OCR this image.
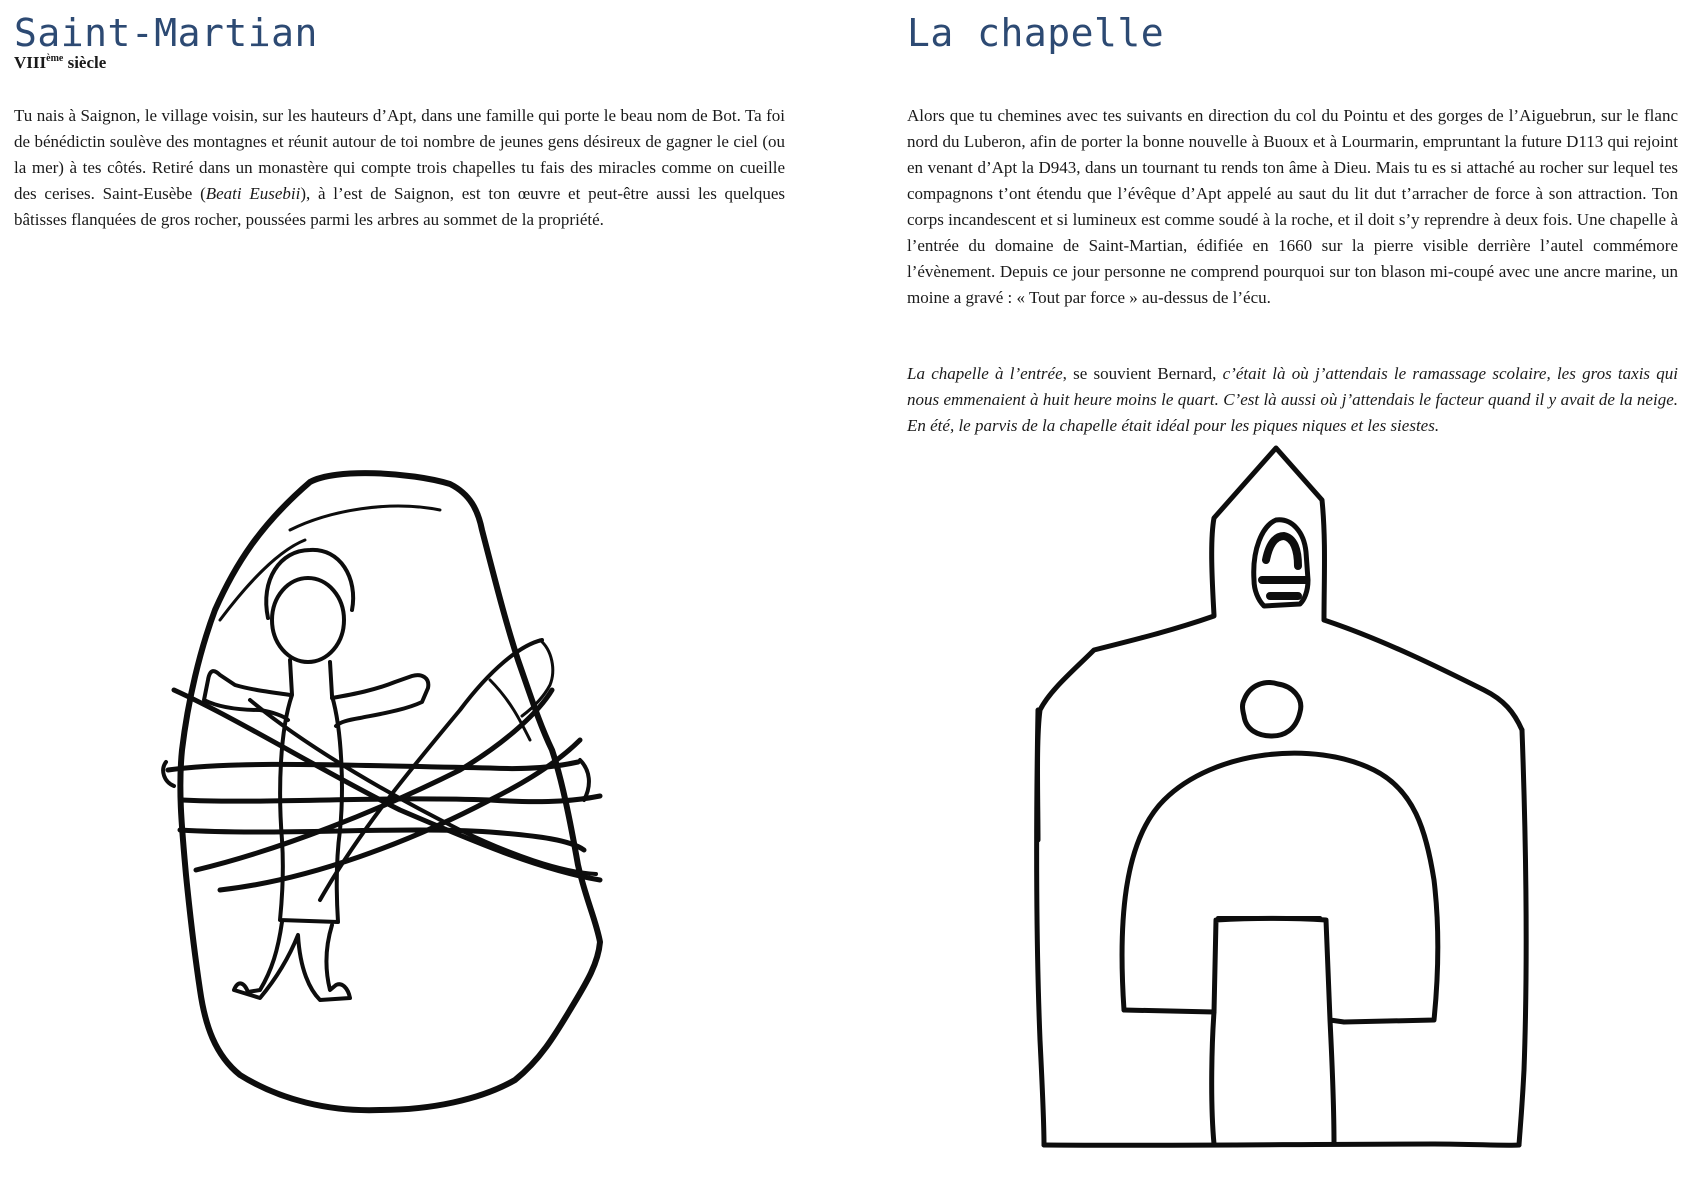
Saint-Martian

VIIIème siècle

Tu nais à Saignon, le village voisin, sur les hauteurs d’Apt, dans une famille qui porte le beau nom de Bot. Ta foi de bénédictin soulève des montagnes et réunit autour de toi nombre de jeunes gens désireux de gagner le ciel (ou la mer) à tes côtés. Retiré dans un monastère qui compte trois chapelles tu fais des miracles comme on cueille des cerises. Saint-Eusèbe (Beati Eusebii), à l’est de Saignon, est ton œuvre et peut-être aussi les quelques bâtisses flanquées de gros rocher, poussées parmi les arbres au sommet de la propriété.

La chapelle

Alors que tu chemines avec tes suivants en direction du col du Pointu et des gorges de l’Aiguebrun, sur le flanc nord du Luberon, afin de porter la bonne nouvelle à Buoux et à Lourmarin, empruntant la future D113 qui rejoint en venant d’Apt la D943, dans un tournant tu rends ton âme à Dieu. Mais tu es si attaché au rocher sur lequel tes compagnons t’ont étendu que l’évêque d’Apt appelé au saut du lit dut t’arracher de force à son attraction. Ton corps incandescent et si lumineux est comme soudé à la roche, et il doit s’y reprendre à deux fois. Une chapelle à l’entrée du domaine de Saint-Martian, édifiée en 1660 sur la pierre visible derrière l’autel commémore l’évènement. Depuis ce jour personne ne comprend pourquoi sur ton blason mi-coupé avec une ancre marine, un moine a gravé : « Tout par force » au-dessus de l’écu.

La chapelle à l’entrée, se souvient Bernard, c’était là où j’attendais le ramassage scolaire, les gros taxis qui nous emmenaient à huit heure moins le quart. C’est là aussi où j’attendais le facteur quand il y avait de la neige. En été, le parvis de la chapelle était idéal pour les piques niques et les siestes.
